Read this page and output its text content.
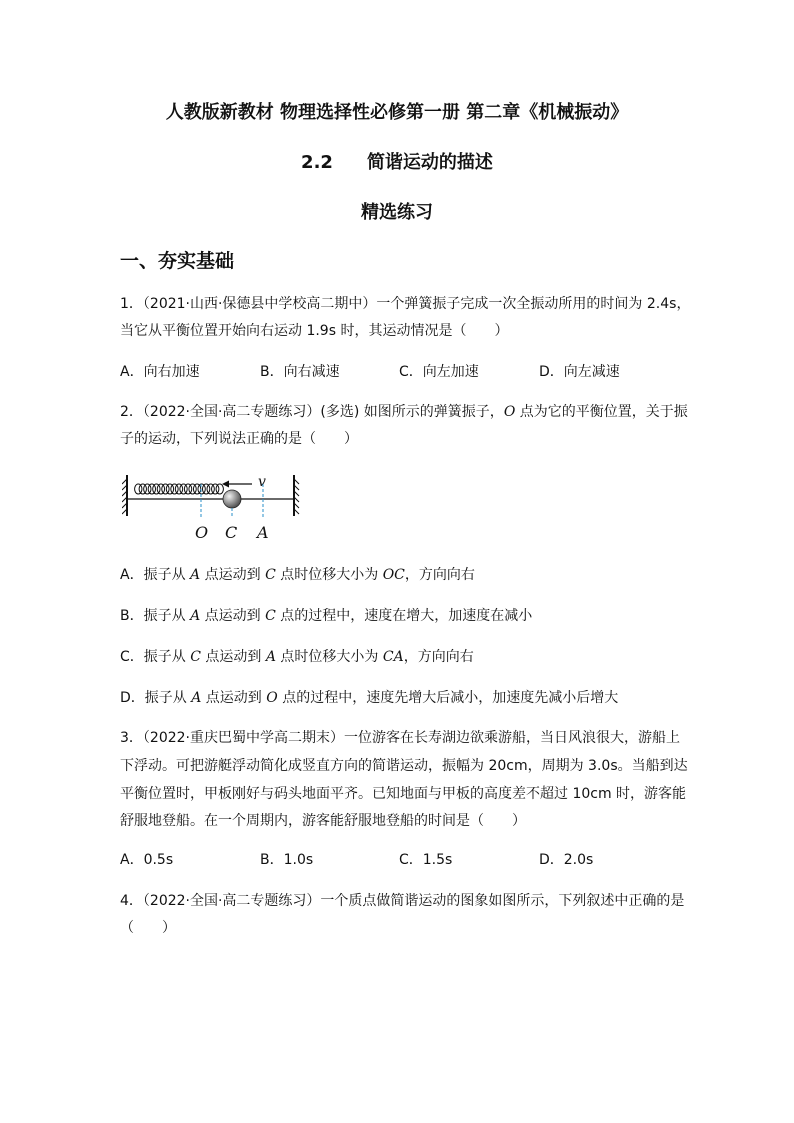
人教版新教材 物理选择性必修第一册 第二章《机械振动》
2.2 简谐运动的描述
精选练习
一、夯实基础
1．（2021·山西·保德县中学校高二期中）一个弹簧振子完成一次全振动所用的时间为 2.4s，
当它从平衡位置开始向右运动 1.9s 时，其运动情况是（　　）
A．向右加速	B．向右减速	C．向左加速	D．向左减速
2．（2022·全国·高二专题练习）(多选) 如图所示的弹簧振子，O 点为它的平衡位置，关于振
子的运动，下列说法正确的是（　　）
v
O C A
A．振子从 A 点运动到 C 点时位移大小为 OC，方向向右
B．振子从 A 点运动到 C 点的过程中，速度在增大，加速度在减小
C．振子从 C 点运动到 A 点时位移大小为 CA，方向向右
D．振子从 A 点运动到 O 点的过程中，速度先增大后减小，加速度先减小后增大
3．（2022·重庆巴蜀中学高二期末）一位游客在长寿湖边欲乘游船，当日风浪很大，游船上
下浮动。可把游艇浮动简化成竖直方向的简谐运动，振幅为 20cm，周期为 3.0s。当船到达
平衡位置时，甲板刚好与码头地面平齐。已知地面与甲板的高度差不超过 10cm 时，游客能
舒服地登船。在一个周期内，游客能舒服地登船的时间是（　　）
A．0.5s	B．1.0s	C．1.5s	D．2.0s
4．（2022·全国·高二专题练习）一个质点做简谐运动的图象如图所示，下列叙述中正确的是
（　　）
